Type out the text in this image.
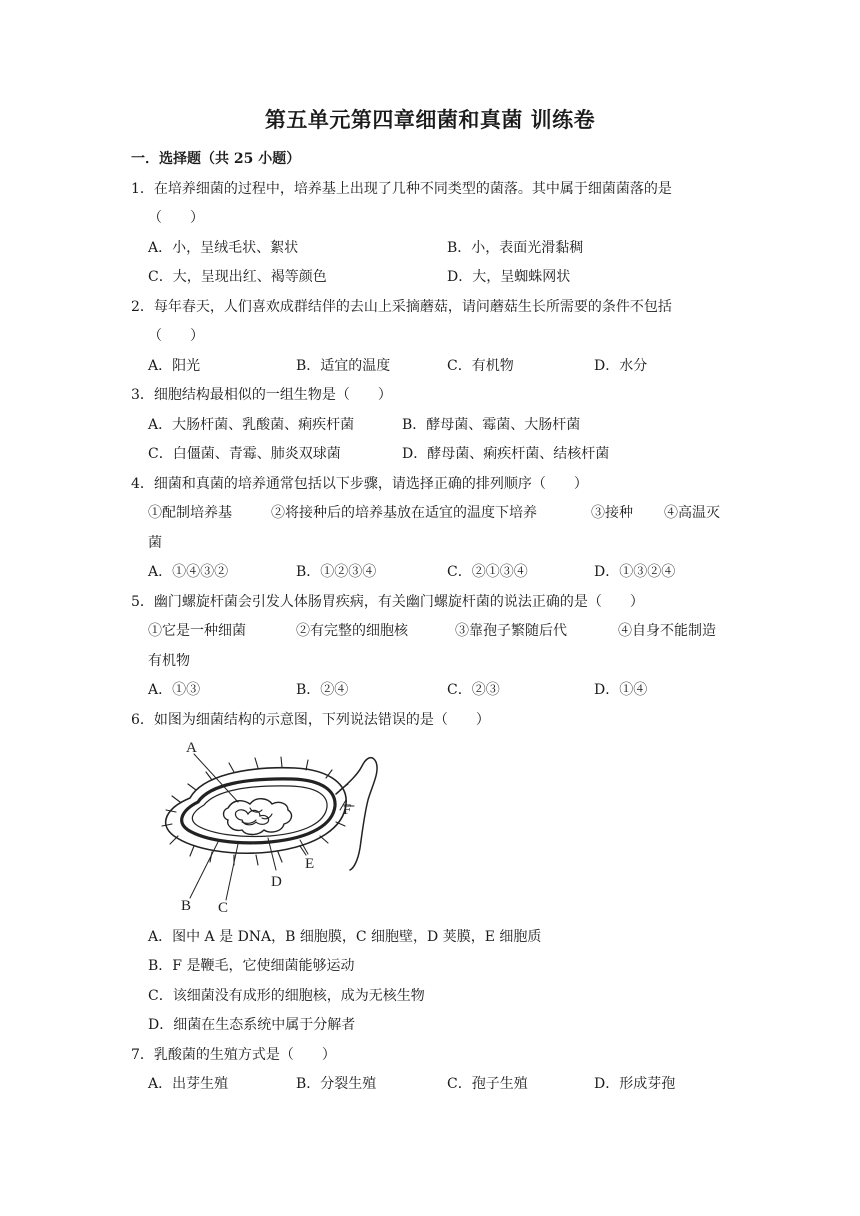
第五单元第四章细菌和真菌 训练卷
一．选择题（共 25 小题）
1．在培养细菌的过程中，培养基上出现了几种不同类型的菌落。其中属于细菌菌落的是
（　　）
A．小，呈绒毛状、絮状	B．小，表面光滑黏稠
C．大，呈现出红、褐等颜色	D．大，呈蜘蛛网状
2．每年春天，人们喜欢成群结伴的去山上采摘蘑菇，请问蘑菇生长所需要的条件不包括
（　　）
A．阳光	B．适宜的温度	C．有机物	D．水分
3．细胞结构最相似的一组生物是（　　）
A．大肠杆菌、乳酸菌、痢疾杆菌	B．酵母菌、霉菌、大肠杆菌
C．白僵菌、青霉、肺炎双球菌	D．酵母菌、痢疾杆菌、结核杆菌
4．细菌和真菌的培养通常包括以下步骤，请选择正确的排列顺序（　　）
①配制培养基	②将接种后的培养基放在适宜的温度下培养	③接种 ④高温灭
菌
A．①④③②	B．①②③④	C．②①③④	D．①③②④
5．幽门螺旋杆菌会引发人体肠胃疾病，有关幽门螺旋杆菌的说法正确的是（　　）
①它是一种细菌	②有完整的细胞核	③靠孢子繁随后代	④自身不能制造
有机物
A．①③	B．②④	C．②③	D．①④
6．如图为细菌结构的示意图，下列说法错误的是（　　）
A
B C
D
E
F
A．图中 A 是 DNA，B 细胞膜，C 细胞壁，D 荚膜，E 细胞质
B．F 是鞭毛，它使细菌能够运动
C．该细菌没有成形的细胞核，成为无核生物
D．细菌在生态系统中属于分解者
7．乳酸菌的生殖方式是（　　）
A．出芽生殖	B．分裂生殖	C．孢子生殖	D．形成芽孢
